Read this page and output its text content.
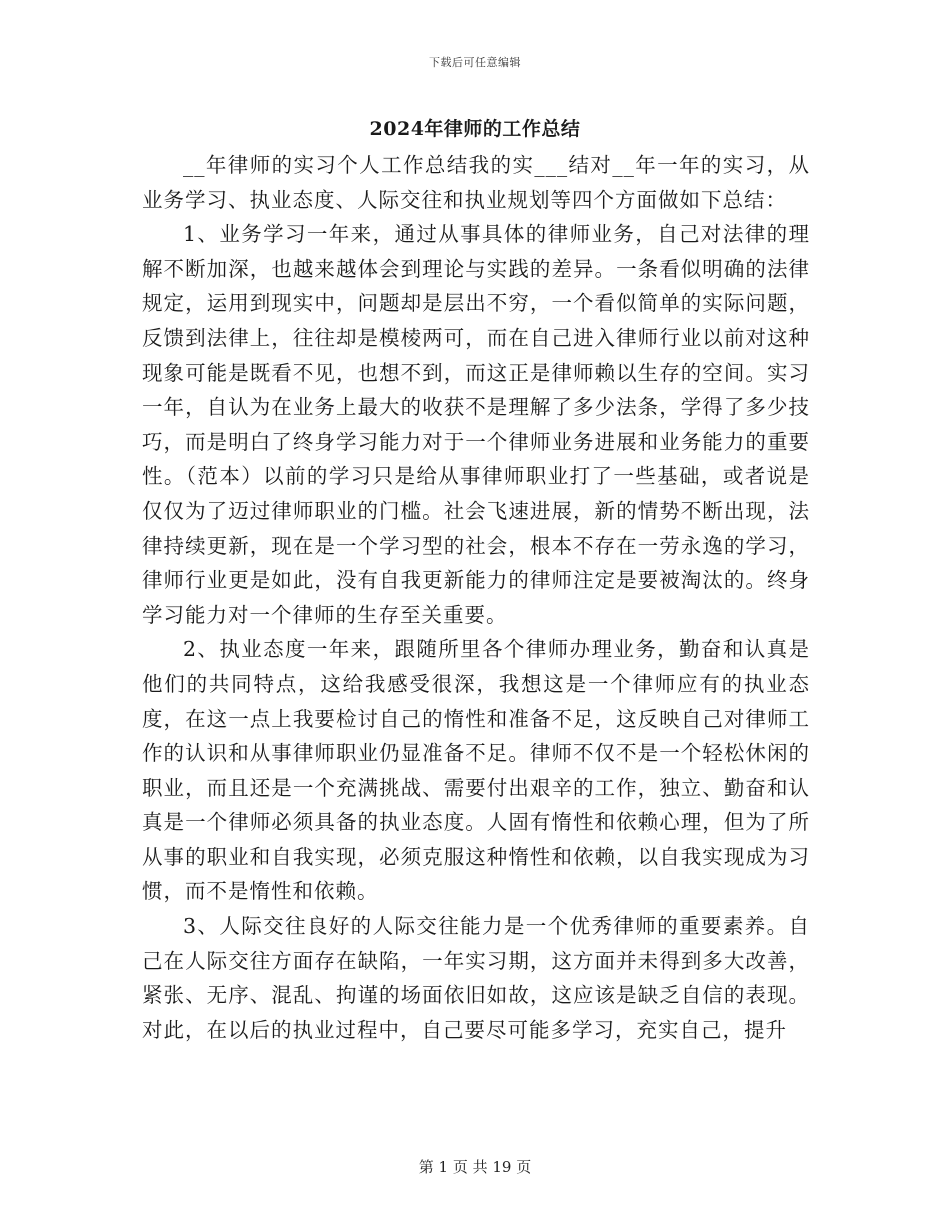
下载后可任意编辑
2024年律师的工作总结

__年律师的实习个人工作总结我的实___结对__年一年的实习，从业务学习、执业态度、人际交往和执业规划等四个方面做如下总结：

1、业务学习一年来，通过从事具体的律师业务，自己对法律的理解不断加深，也越来越体会到理论与实践的差异。一条看似明确的法律规定，运用到现实中，问题却是层出不穷，一个看似简单的实际问题，反馈到法律上，往往却是模棱两可，而在自己进入律师行业以前对这种现象可能是既看不见，也想不到，而这正是律师赖以生存的空间。实习一年，自认为在业务上最大的收获不是理解了多少法条，学得了多少技巧，而是明白了终身学习能力对于一个律师业务进展和业务能力的重要性。（范本）以前的学习只是给从事律师职业打了一些基础，或者说是仅仅为了迈过律师职业的门槛。社会飞速进展，新的情势不断出现，法律持续更新，现在是一个学习型的社会，根本不存在一劳永逸的学习，律师行业更是如此，没有自我更新能力的律师注定是要被淘汰的。终身学习能力对一个律师的生存至关重要。

2、执业态度一年来，跟随所里各个律师办理业务，勤奋和认真是他们的共同特点，这给我感受很深，我想这是一个律师应有的执业态度，在这一点上我要检讨自己的惰性和准备不足，这反映自己对律师工作的认识和从事律师职业仍显准备不足。律师不仅不是一个轻松休闲的职业，而且还是一个充满挑战、需要付出艰辛的工作，独立、勤奋和认真是一个律师必须具备的执业态度。人固有惰性和依赖心理，但为了所从事的职业和自我实现，必须克服这种惰性和依赖，以自我实现成为习惯，而不是惰性和依赖。

3、人际交往良好的人际交往能力是一个优秀律师的重要素养。自己在人际交往方面存在缺陷，一年实习期，这方面并未得到多大改善，紧张、无序、混乱、拘谨的场面依旧如故，这应该是缺乏自信的表现。对此，在以后的执业过程中，自己要尽可能多学习，充实自己，提升

第 1 页 共 19 页
